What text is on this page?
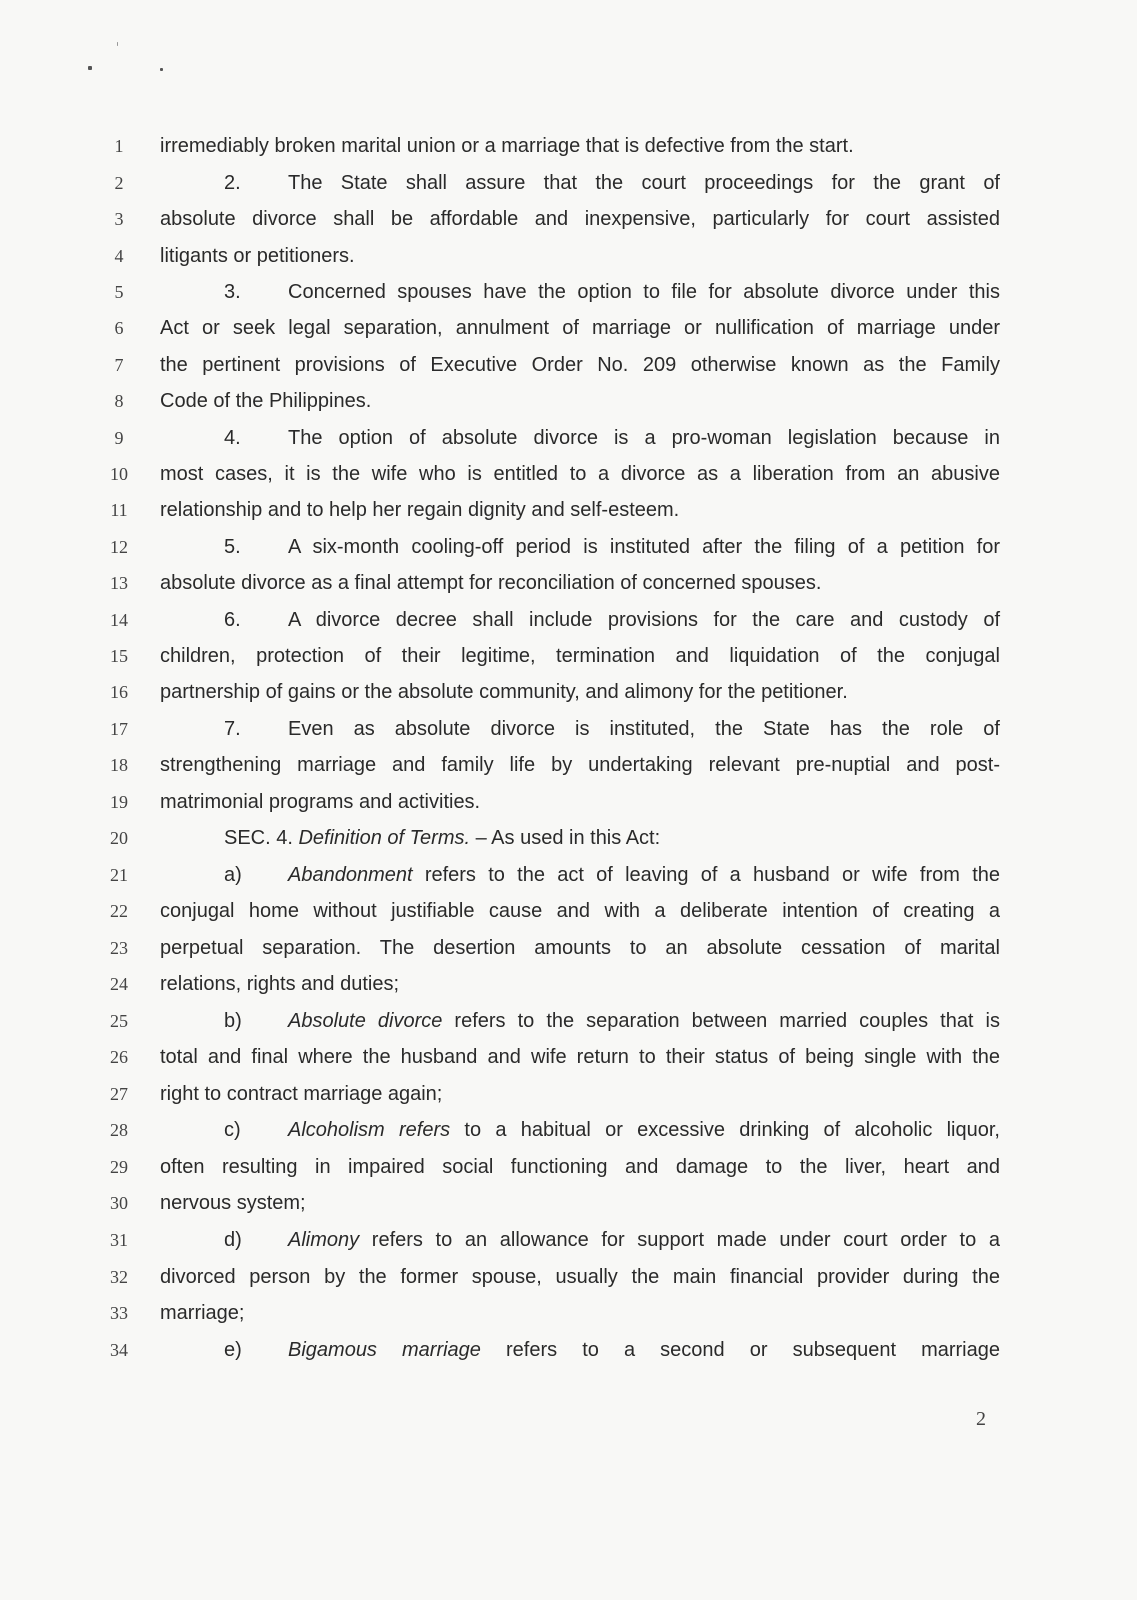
1
2
3
4
5
6
7
8
9
10
11
12
13
14
15
16
17
18
19
20
21
22
23
24
25
26
27
28
29
30
31
32
33
34
irremediably broken marital union or a marriage that is defective from the start.
2. The State shall assure that the court proceedings for the grant of
absolute divorce shall be affordable and inexpensive, particularly for court assisted
litigants or petitioners.
3. Concerned spouses have the option to file for absolute divorce under this
Act or seek legal separation, annulment of marriage or nullification of marriage under
the pertinent provisions of Executive Order No. 209 otherwise known as the Family
Code of the Philippines.
4. The option of absolute divorce is a pro-woman legislation because in
most cases, it is the wife who is entitled to a divorce as a liberation from an abusive
relationship and to help her regain dignity and self-esteem.
5. A six-month cooling-off period is instituted after the filing of a petition for
absolute divorce as a final attempt for reconciliation of concerned spouses.
6. A divorce decree shall include provisions for the care and custody of
children, protection of their legitime, termination and liquidation of the conjugal
partnership of gains or the absolute community, and alimony for the petitioner.
7. Even as absolute divorce is instituted, the State has the role of
strengthening marriage and family life by undertaking relevant pre-nuptial and post-
matrimonial programs and activities.
SEC. 4. Definition of Terms. – As used in this Act:
a) Abandonment refers to the act of leaving of a husband or wife from the
conjugal home without justifiable cause and with a deliberate intention of creating a
perpetual separation. The desertion amounts to an absolute cessation of marital
relations, rights and duties;
b) Absolute divorce refers to the separation between married couples that is
total and final where the husband and wife return to their status of being single with the
right to contract marriage again;
c) Alcoholism refers to a habitual or excessive drinking of alcoholic liquor,
often resulting in impaired social functioning and damage to the liver, heart and
nervous system;
d) Alimony refers to an allowance for support made under court order to a
divorced person by the former spouse, usually the main financial provider during the
marriage;
e) Bigamous marriage refers to a second or subsequent marriage
2
